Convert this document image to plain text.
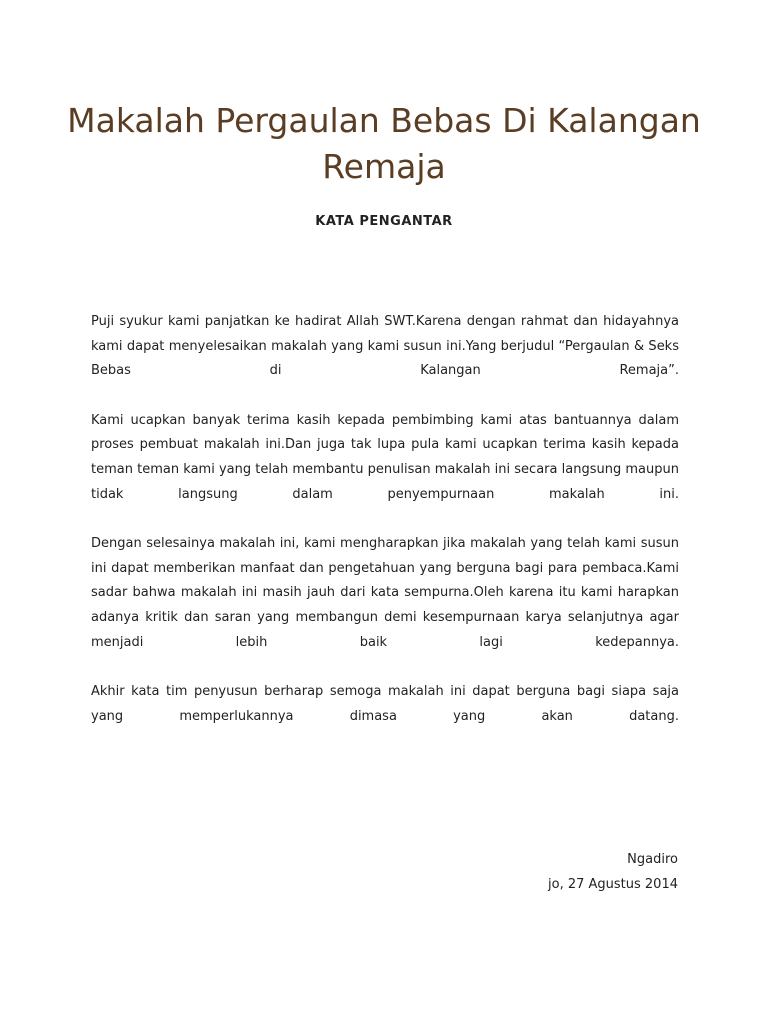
Makalah Pergaulan Bebas Di Kalangan Remaja
KATA PENGANTAR

Puji syukur kami panjatkan ke hadirat Allah SWT.Karena dengan rahmat dan hidayahnya kami dapat menyelesaikan makalah yang kami susun ini.Yang berjudul “Pergaulan & Seks Bebas di Kalangan Remaja”.

Kami ucapkan banyak terima kasih kepada pembimbing kami atas bantuannya dalam proses pembuat makalah ini.Dan juga tak lupa pula kami ucapkan terima kasih kepada teman teman kami yang telah membantu penulisan makalah ini secara langsung maupun tidak langsung dalam penyempurnaan makalah ini.

Dengan selesainya makalah ini, kami mengharapkan jika makalah yang telah kami susun ini dapat memberikan manfaat dan pengetahuan yang berguna bagi para pembaca.Kami sadar bahwa makalah ini masih jauh dari kata sempurna.Oleh karena itu kami harapkan adanya kritik dan saran yang membangun demi kesempurnaan karya selanjutnya agar menjadi lebih baik lagi kedepannya.

Akhir kata tim penyusun berharap semoga makalah ini dapat berguna bagi siapa saja yang memperlukannya dimasa yang akan datang.

Ngadiro
jo, 27 Agustus 2014
